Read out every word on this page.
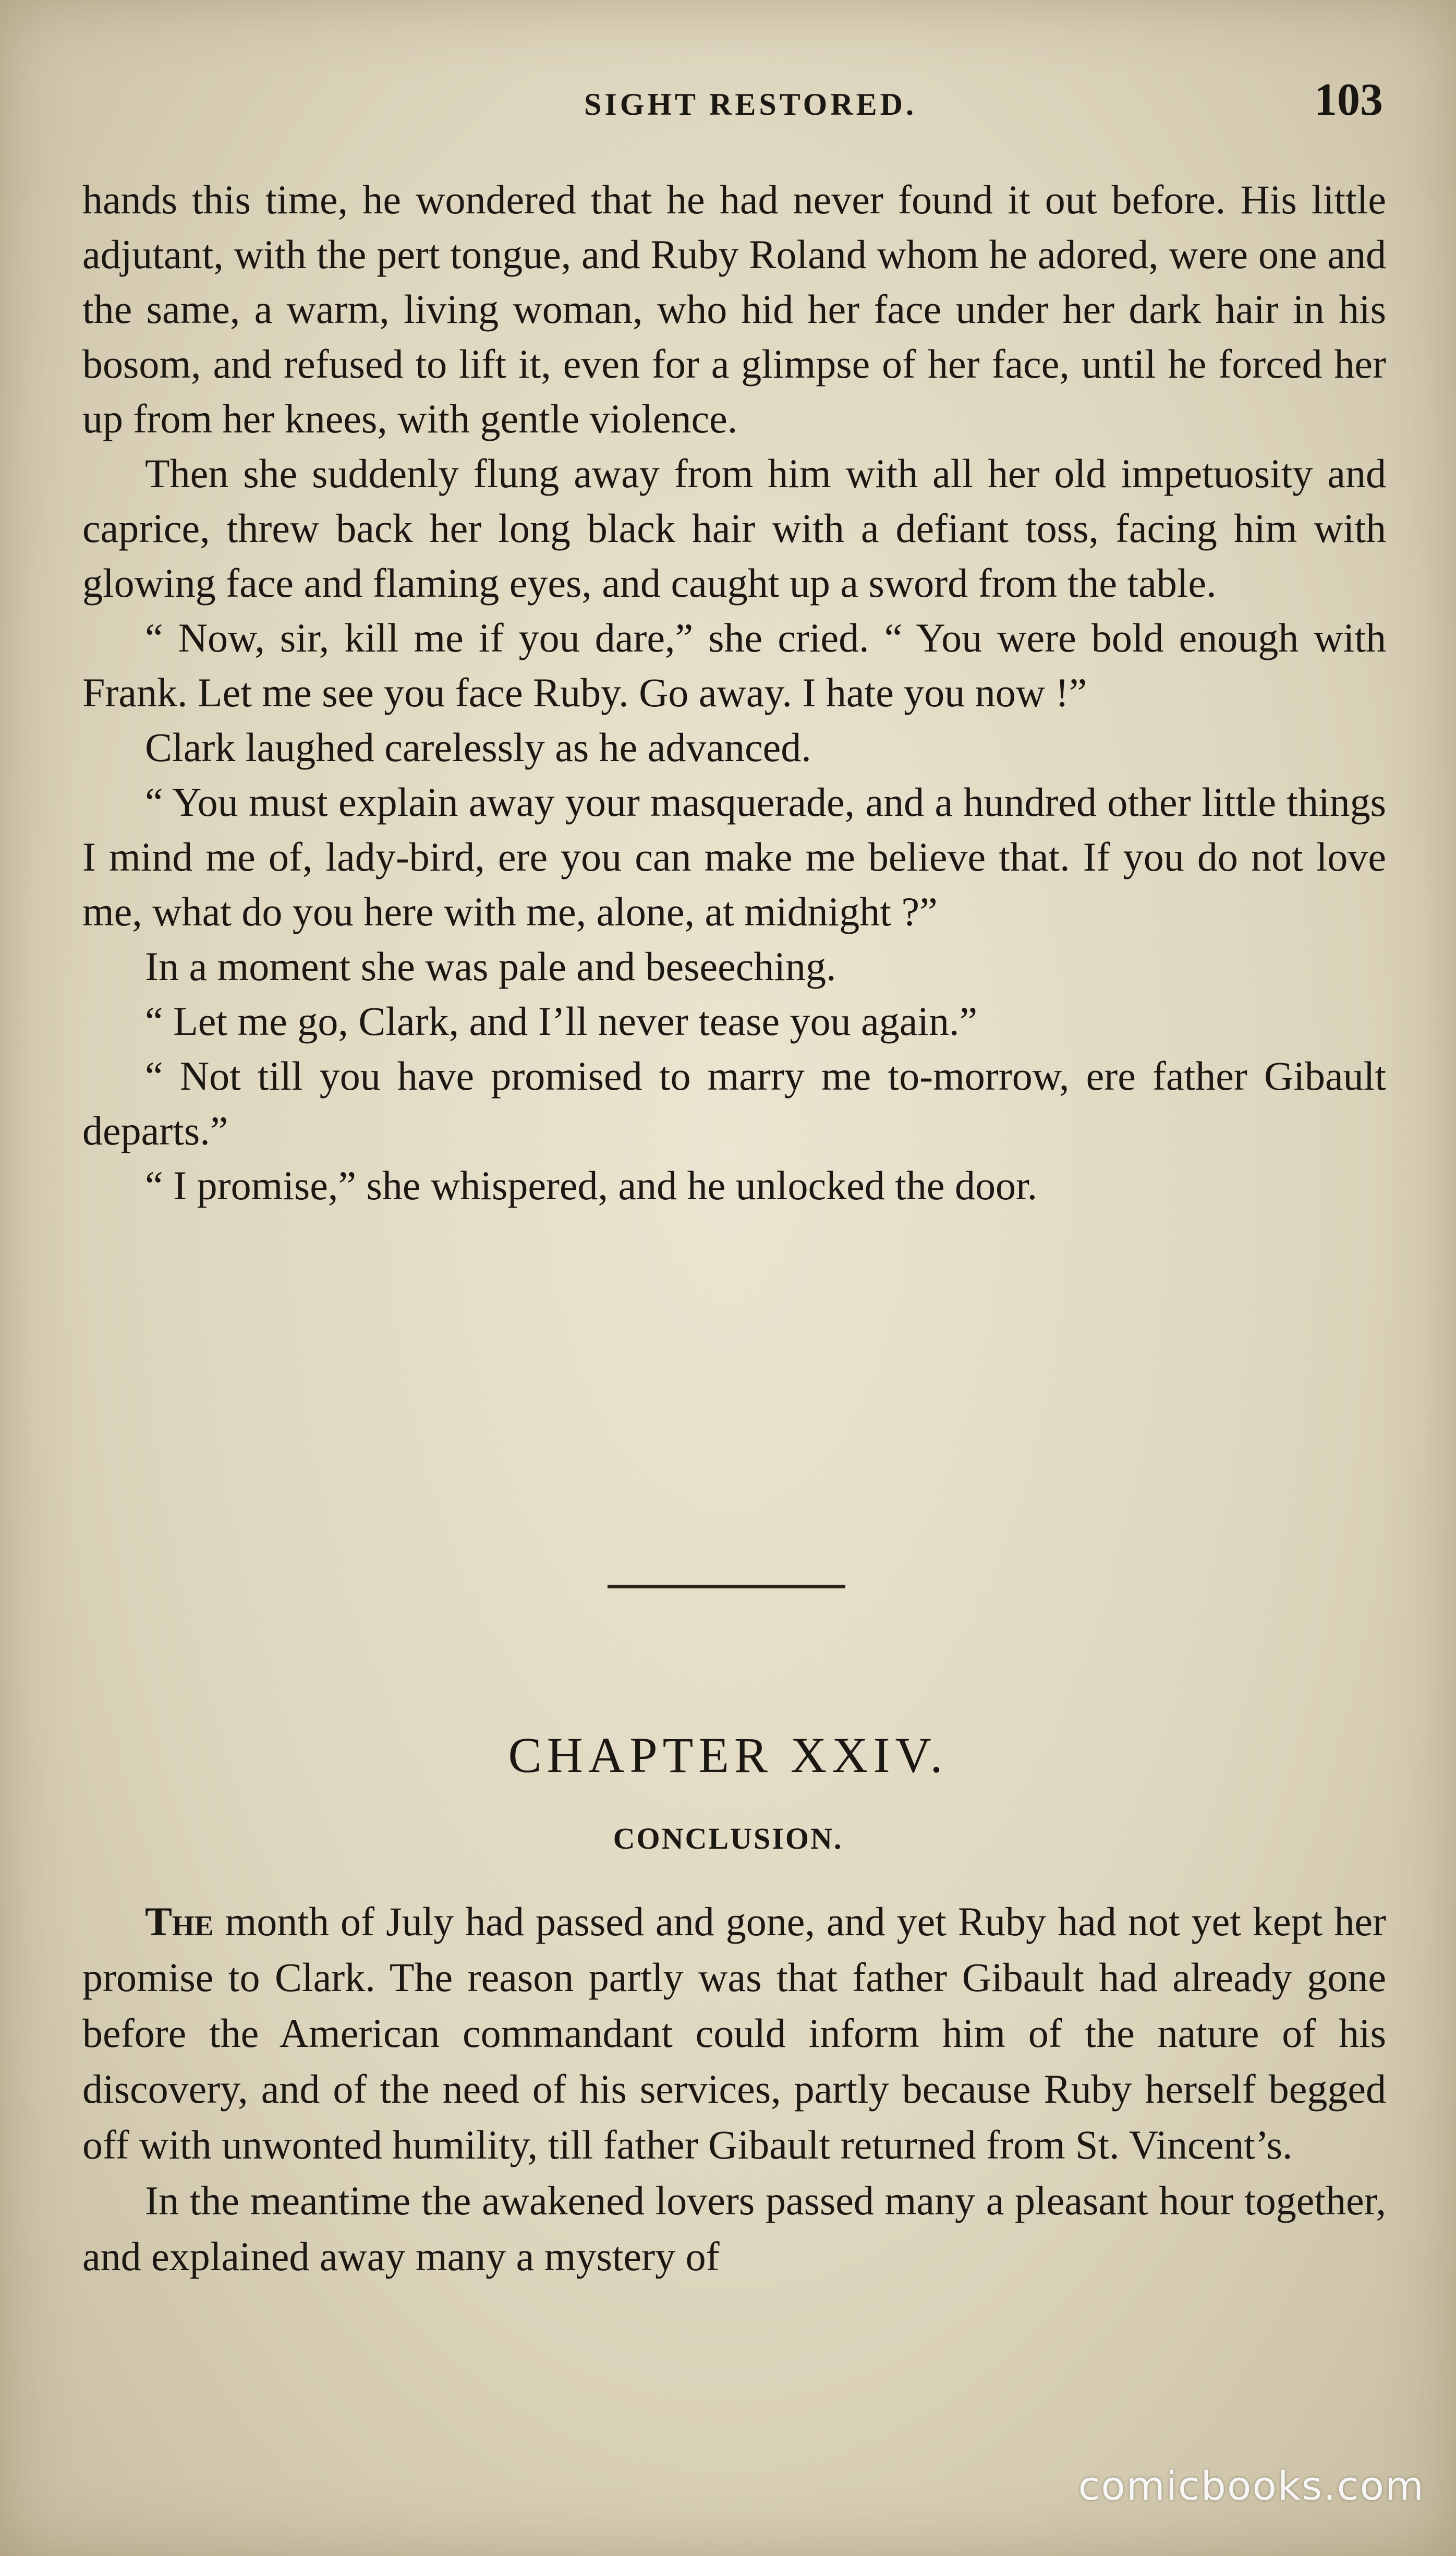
SIGHT RESTORED.	103

hands this time, he wondered that he had never found it out before. His little adjutant, with the pert tongue, and Ruby Roland whom he adored, were one and the same, a warm, living woman, who hid her face under her dark hair in his bosom, and refused to lift it, even for a glimpse of her face, until he forced her up from her knees, with gentle violence.

Then she suddenly flung away from him with all her old impetuosity and caprice, threw back her long black hair with a defiant toss, facing him with glowing face and flaming eyes, and caught up a sword from the table.

“ Now, sir, kill me if you dare,” she cried. “ You were bold enough with Frank. Let me see you face Ruby. Go away. I hate you now !”

Clark laughed carelessly as he advanced.

“ You must explain away your masquerade, and a hundred other little things I mind me of, lady-bird, ere you can make me believe that. If you do not love me, what do you here with me, alone, at midnight ?”

In a moment she was pale and beseeching.

“ Let me go, Clark, and I’ll never tease you again.”

“ Not till you have promised to marry me to-morrow, ere father Gibault departs.”

“ I promise,” she whispered, and he unlocked the door.

CHAPTER XXIV.
CONCLUSION.

The month of July had passed and gone, and yet Ruby had not yet kept her promise to Clark. The reason partly was that father Gibault had already gone before the American commandant could inform him of the nature of his discovery, and of the need of his services, partly because Ruby herself begged off with unwonted humility, till father Gibault returned from St. Vincent’s.

In the meantime the awakened lovers passed many a pleasant hour together, and explained away many a mystery of

comicbooks.com
